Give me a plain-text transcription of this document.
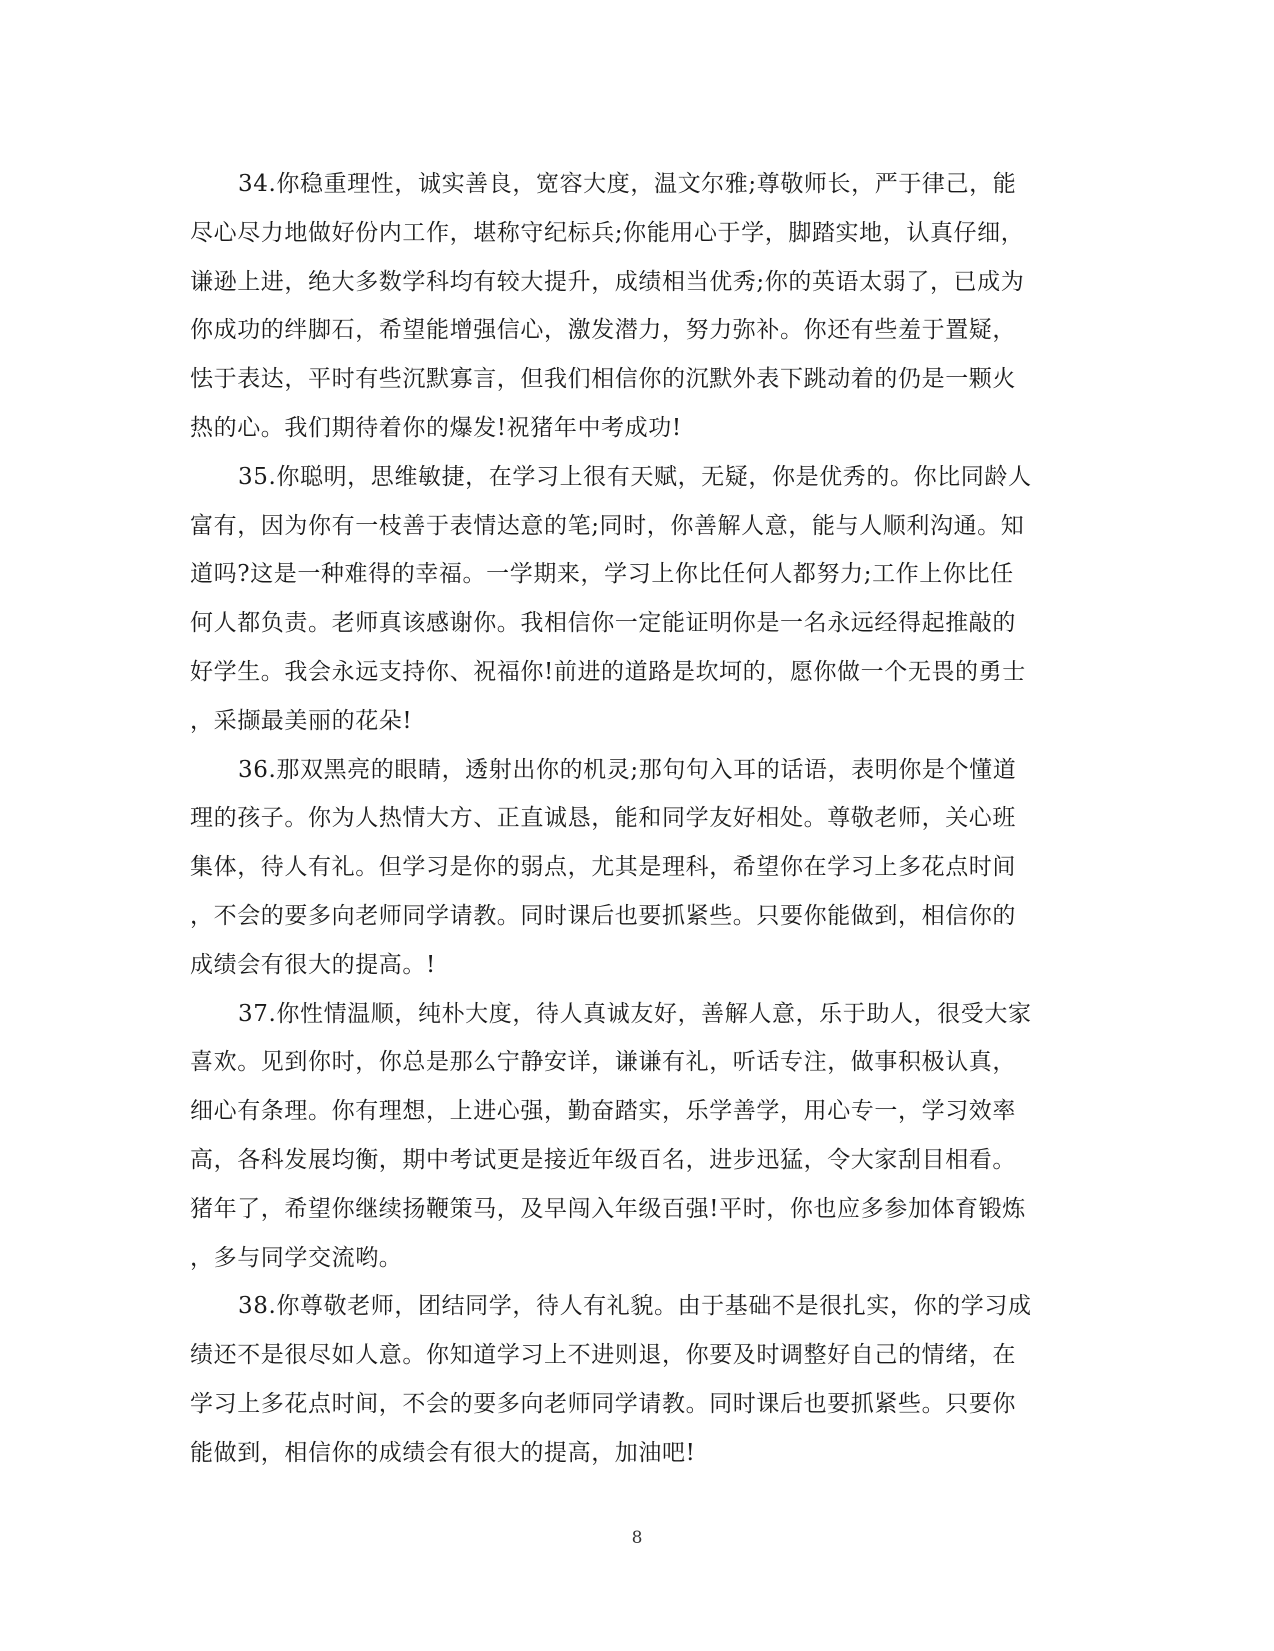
34.你稳重理性，诚实善良，宽容大度，温文尔雅;尊敬师长，严于律己，能
尽心尽力地做好份内工作，堪称守纪标兵;你能用心于学，脚踏实地，认真仔细，
谦逊上进，绝大多数学科均有较大提升，成绩相当优秀;你的英语太弱了，已成为
你成功的绊脚石，希望能增强信心，激发潜力，努力弥补。你还有些羞于置疑，
怯于表达，平时有些沉默寡言，但我们相信你的沉默外表下跳动着的仍是一颗火
热的心。我们期待着你的爆发!祝猪年中考成功!
35.你聪明，思维敏捷，在学习上很有天赋，无疑，你是优秀的。你比同龄人
富有，因为你有一枝善于表情达意的笔;同时，你善解人意，能与人顺利沟通。知
道吗?这是一种难得的幸福。一学期来，学习上你比任何人都努力;工作上你比任
何人都负责。老师真该感谢你。我相信你一定能证明你是一名永远经得起推敲的
好学生。我会永远支持你、祝福你!前进的道路是坎坷的，愿你做一个无畏的勇士
，采撷最美丽的花朵!
36.那双黑亮的眼睛，透射出你的机灵;那句句入耳的话语，表明你是个懂道
理的孩子。你为人热情大方、正直诚恳，能和同学友好相处。尊敬老师，关心班
集体，待人有礼。但学习是你的弱点，尤其是理科，希望你在学习上多花点时间
，不会的要多向老师同学请教。同时课后也要抓紧些。只要你能做到，相信你的
成绩会有很大的提高。!
37.你性情温顺，纯朴大度，待人真诚友好，善解人意，乐于助人，很受大家
喜欢。见到你时，你总是那么宁静安详，谦谦有礼，听话专注，做事积极认真，
细心有条理。你有理想，上进心强，勤奋踏实，乐学善学，用心专一，学习效率
高，各科发展均衡，期中考试更是接近年级百名，进步迅猛，令大家刮目相看。
猪年了，希望你继续扬鞭策马，及早闯入年级百强!平时，你也应多参加体育锻炼
，多与同学交流哟。
38.你尊敬老师，团结同学，待人有礼貌。由于基础不是很扎实，你的学习成
绩还不是很尽如人意。你知道学习上不进则退，你要及时调整好自己的情绪，在
学习上多花点时间，不会的要多向老师同学请教。同时课后也要抓紧些。只要你
能做到，相信你的成绩会有很大的提高，加油吧!
8
